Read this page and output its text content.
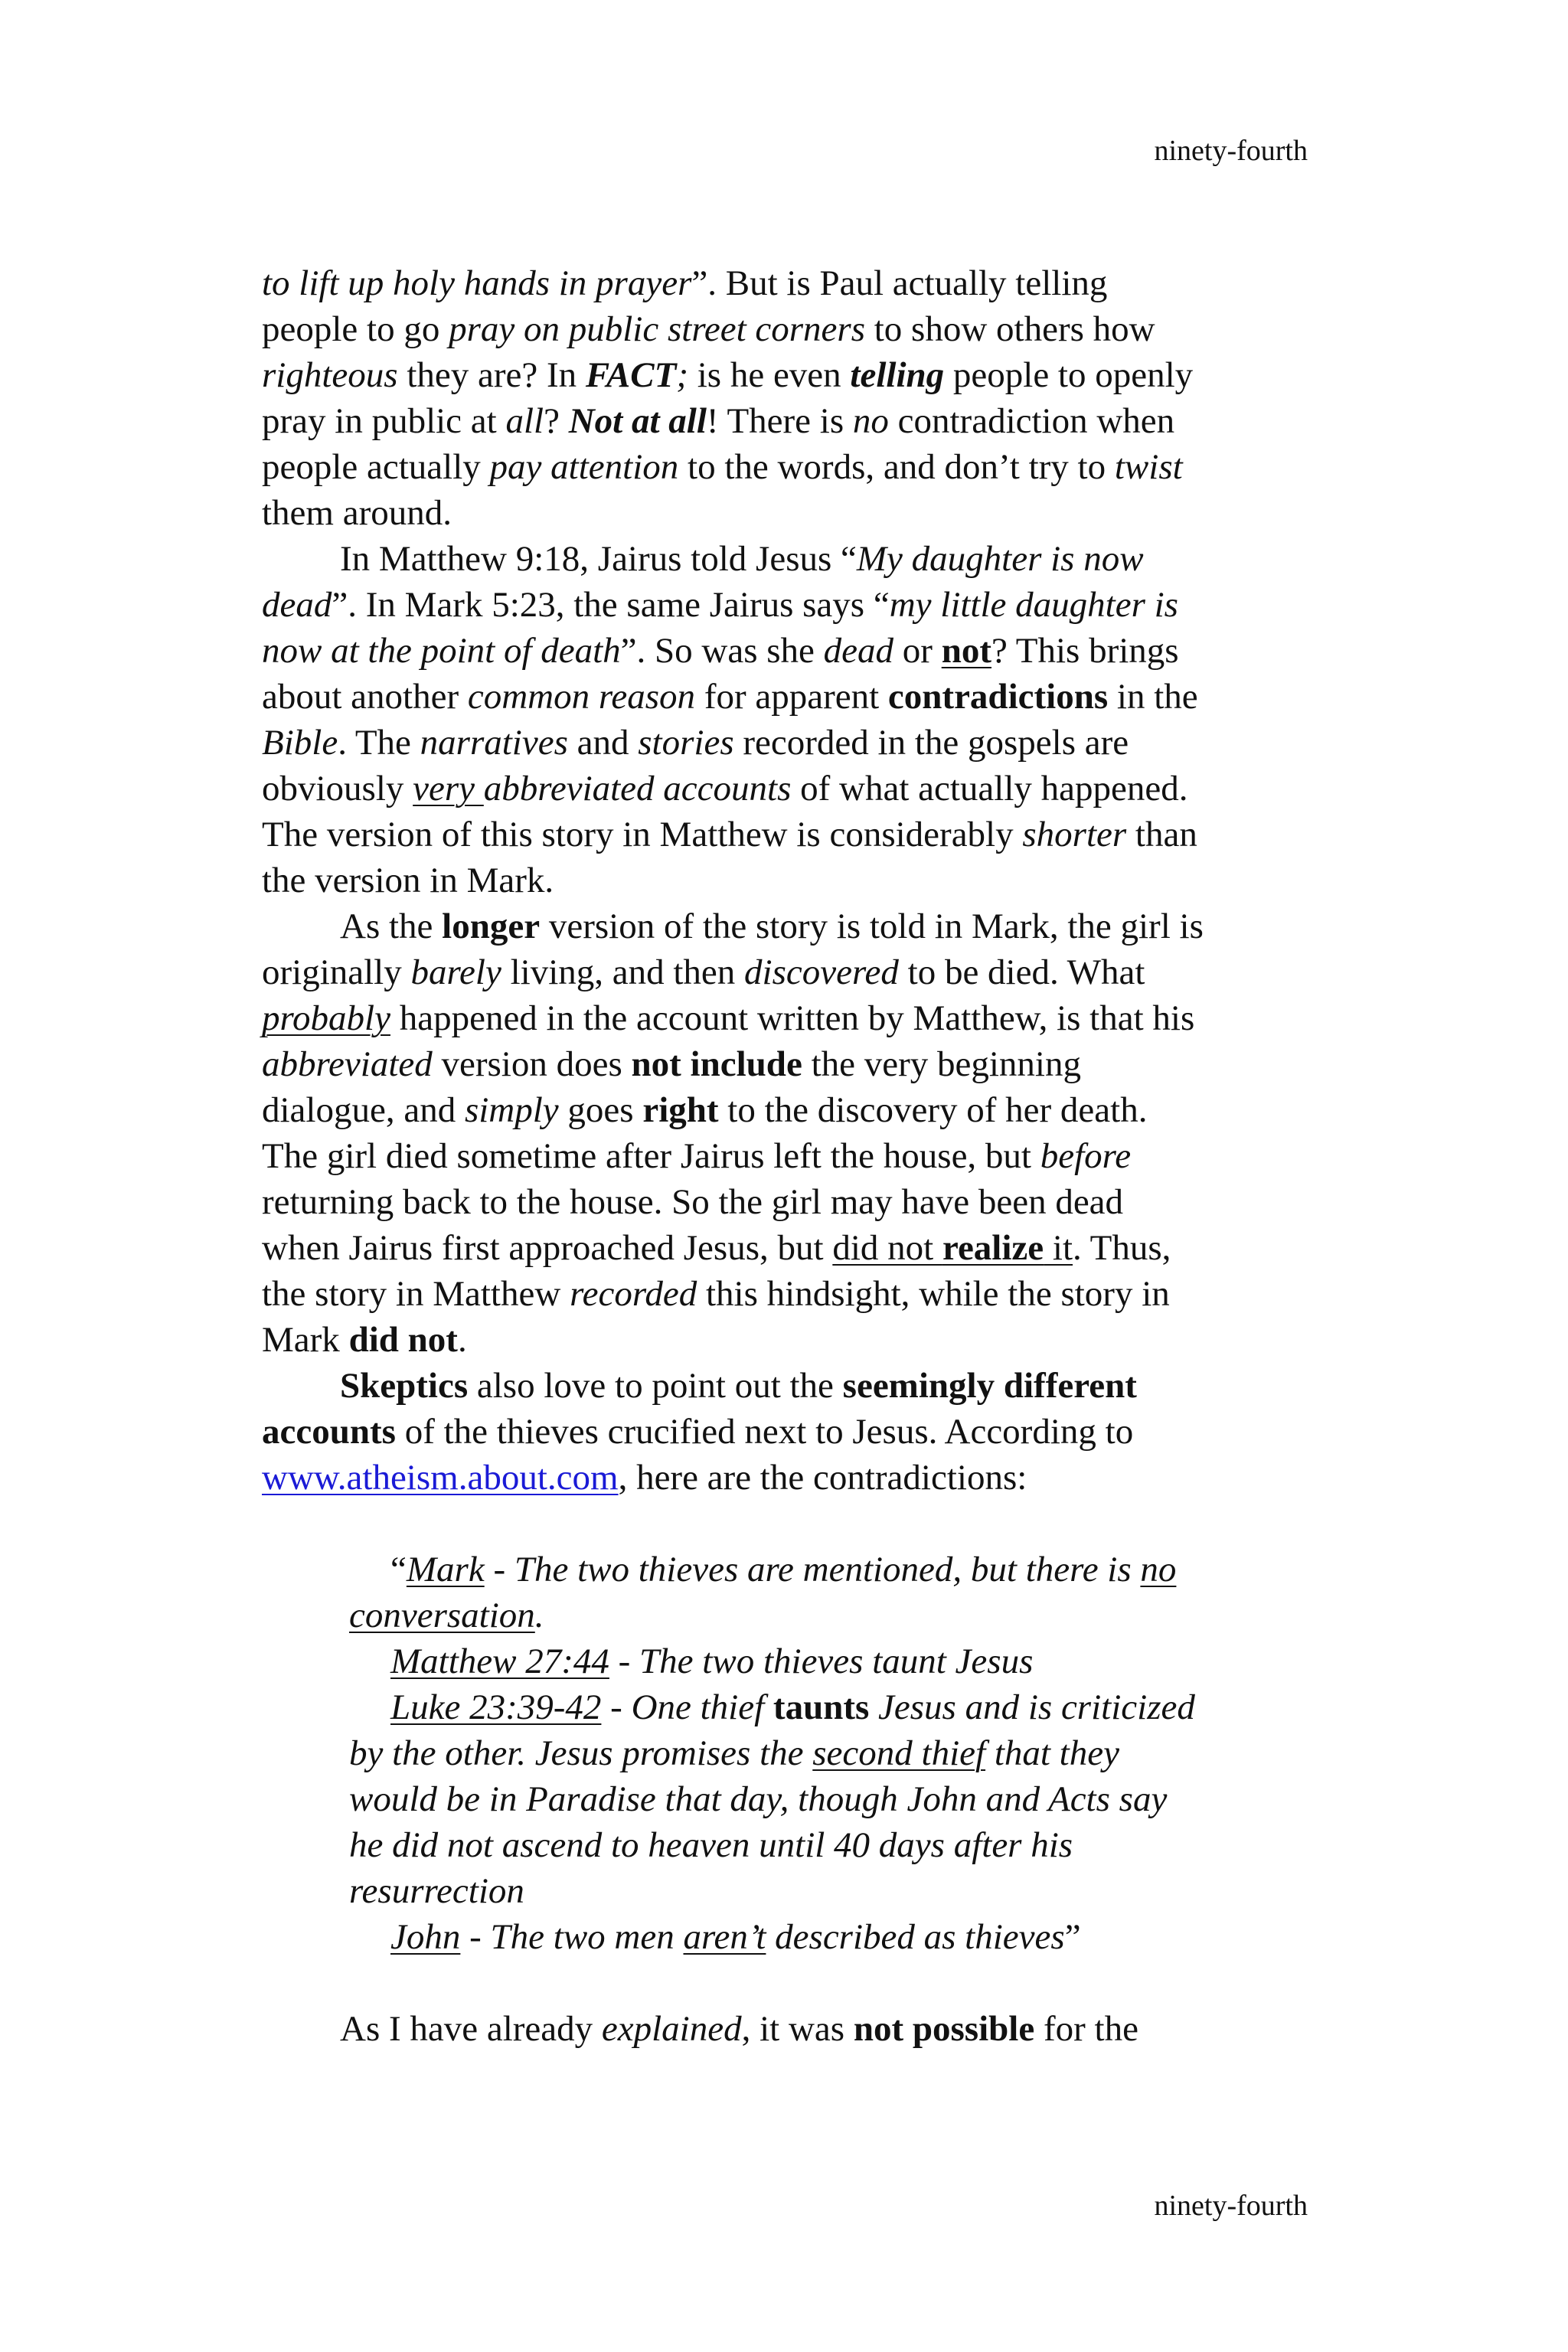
ninety-fourth
to lift up holy hands in prayer”. But is Paul actually telling
people to go pray on public street corners to show others how
righteous they are? In FACT; is he even telling people to openly
pray in public at all? Not at all! There is no contradiction when
people actually pay attention to the words, and don’t try to twist
them around.
In Matthew 9:18, Jairus told Jesus “My daughter is now
dead”. In Mark 5:23, the same Jairus says “my little daughter is
now at the point of death”. So was she dead or not? This brings
about another common reason for apparent contradictions in the
Bible. The narratives and stories recorded in the gospels are
obviously very abbreviated accounts of what actually happened.
The version of this story in Matthew is considerably shorter than
the version in Mark.
As the longer version of the story is told in Mark, the girl is
originally barely living, and then discovered to be died. What
probably happened in the account written by Matthew, is that his
abbreviated version does not include the very beginning
dialogue, and simply goes right to the discovery of her death.
The girl died sometime after Jairus left the house, but before
returning back to the house. So the girl may have been dead
when Jairus first approached Jesus, but did not realize it. Thus,
the story in Matthew recorded this hindsight, while the story in
Mark did not.
Skeptics also love to point out the seemingly different
accounts of the thieves crucified next to Jesus. According to
www.atheism.about.com, here are the contradictions:
“Mark - The two thieves are mentioned, but there is no
conversation.
Matthew 27:44 - The two thieves taunt Jesus
Luke 23:39-42 - One thief taunts Jesus and is criticized
by the other. Jesus promises the second thief that they
would be in Paradise that day, though John and Acts say
he did not ascend to heaven until 40 days after his
resurrection
John - The two men aren’t described as thieves”
As I have already explained, it was not possible for the
ninety-fourth
